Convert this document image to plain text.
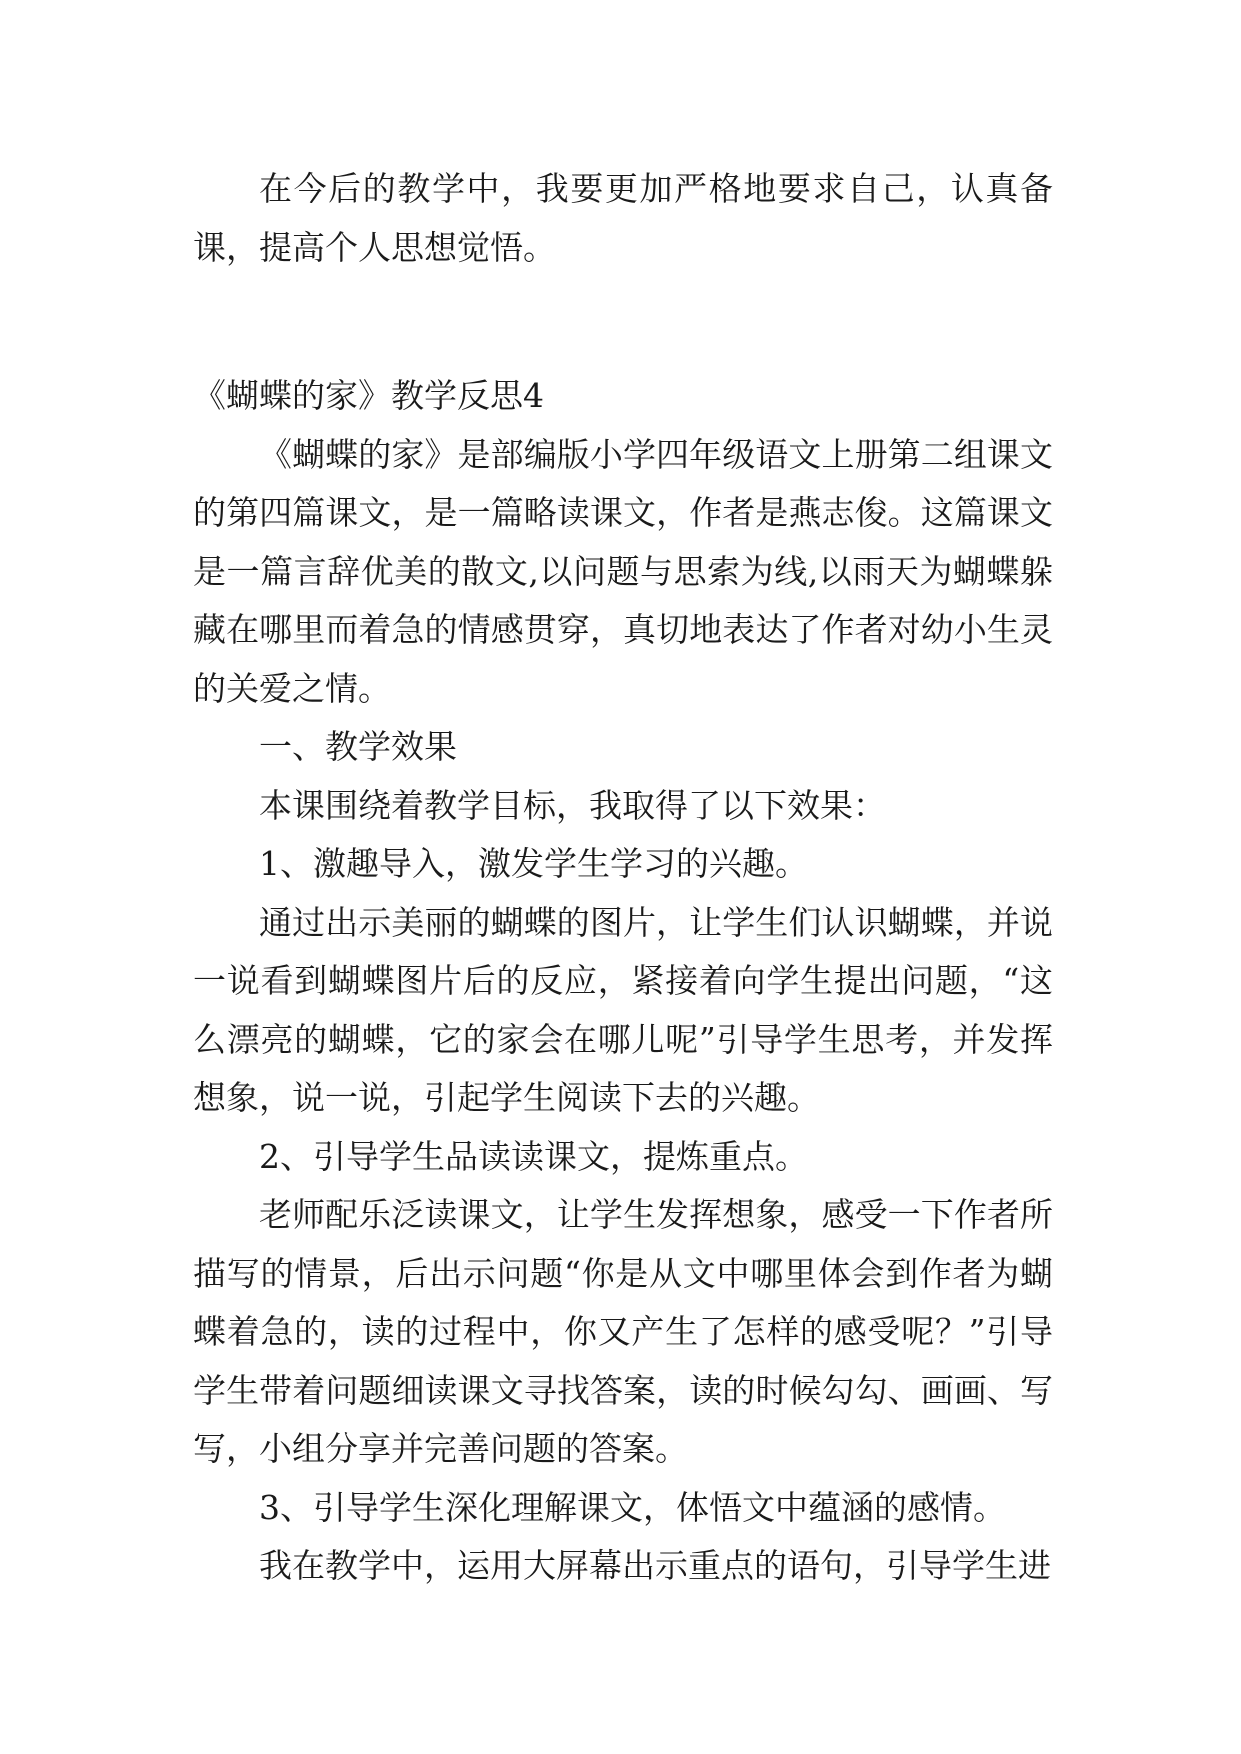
在今后的教学中，我要更加严格地要求自己，认真备课，提高个人思想觉悟。

《蝴蝶的家》教学反思4

《蝴蝶的家》是部编版小学四年级语文上册第二组课文的第四篇课文，是一篇略读课文，作者是燕志俊。这篇课文是一篇言辞优美的散文,以问题与思索为线,以雨天为蝴蝶躲藏在哪里而着急的情感贯穿，真切地表达了作者对幼小生灵的关爱之情。

一、教学效果

本课围绕着教学目标，我取得了以下效果：

1、激趣导入，激发学生学习的兴趣。

通过出示美丽的蝴蝶的图片，让学生们认识蝴蝶，并说一说看到蝴蝶图片后的反应，紧接着向学生提出问题，“这么漂亮的蝴蝶，它的家会在哪儿呢”引导学生思考，并发挥想象，说一说，引起学生阅读下去的兴趣。

2、引导学生品读读课文，提炼重点。

老师配乐泛读课文，让学生发挥想象，感受一下作者所描写的情景，后出示问题“你是从文中哪里体会到作者为蝴蝶着急的，读的过程中，你又产生了怎样的感受呢？”引导学生带着问题细读课文寻找答案，读的时候勾勾、画画、写写，小组分享并完善问题的答案。

3、引导学生深化理解课文，体悟文中蕴涵的感情。

我在教学中，运用大屏幕出示重点的语句，引导学生进
